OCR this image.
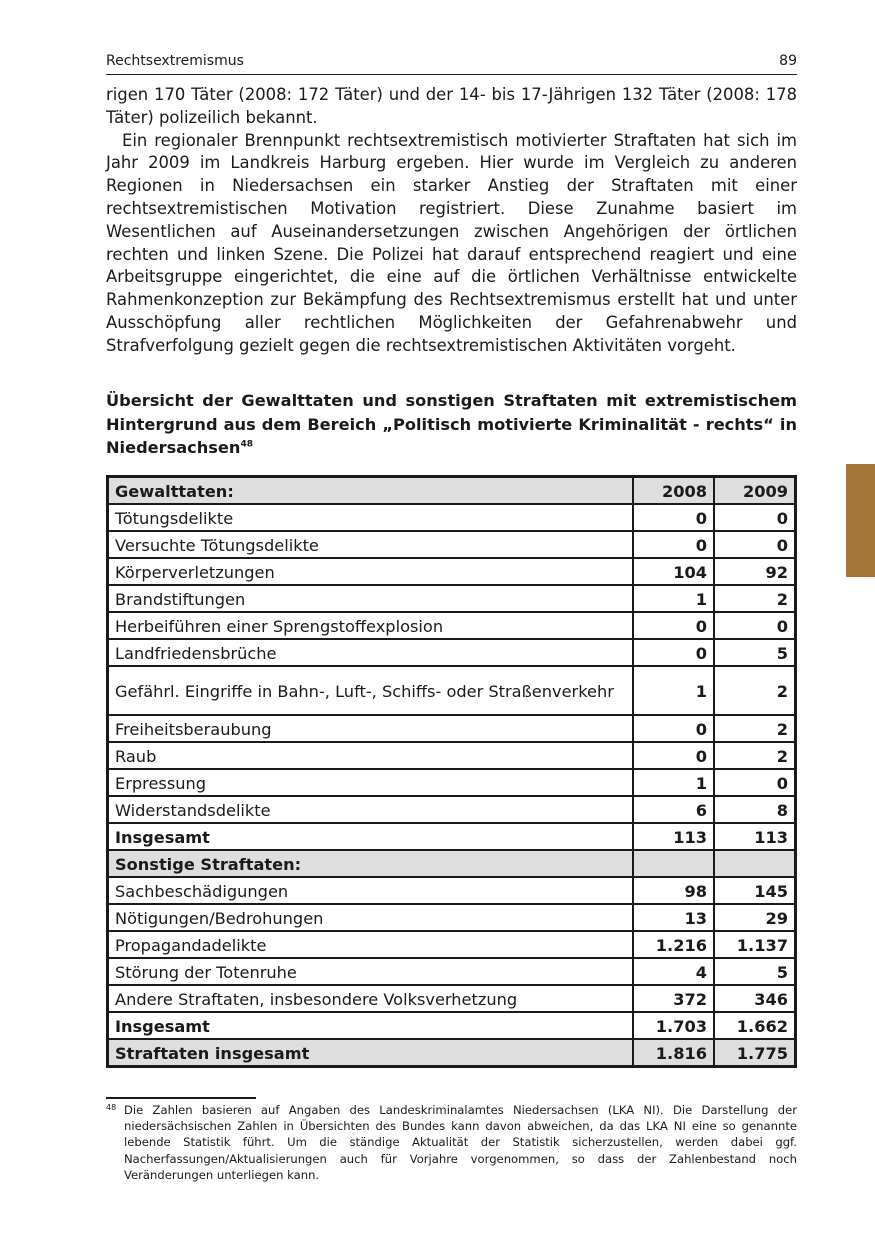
Rechtsextremismus	89

rigen 170 Täter (2008: 172 Täter) und der 14- bis 17-Jährigen 132 Täter (2008: 178 Täter) polizeilich bekannt.

Ein regionaler Brennpunkt rechtsextremistisch motivierter Straftaten hat sich im Jahr 2009 im Landkreis Harburg ergeben. Hier wurde im Vergleich zu anderen Regionen in Niedersachsen ein starker Anstieg der Straftaten mit einer rechtsextremistischen Motivation registriert. Diese Zunahme basiert im Wesentlichen auf Auseinandersetzungen zwischen Angehörigen der örtlichen rechten und linken Szene. Die Polizei hat darauf entsprechend reagiert und eine Arbeitsgruppe eingerichtet, die eine auf die örtlichen Verhältnisse entwickelte Rahmenkonzeption zur Bekämpfung des Rechtsextremismus erstellt hat und unter Ausschöpfung aller rechtlichen Möglichkeiten der Gefahrenabwehr und Strafverfolgung gezielt gegen die rechtsextremistischen Aktivitäten vorgeht.

Übersicht der Gewalttaten und sonstigen Straftaten mit extremistischem Hintergrund aus dem Bereich „Politisch motivierte Kriminalität - rechts“ in Niedersachsen$^{48}$
Gewalttaten:	2008	2009
Tötungsdelikte	0	0
Versuchte Tötungsdelikte	0	0
Körperverletzungen	104	92
Brandstiftungen	1	2
Herbeiführen einer Sprengstoffexplosion	0	0
Landfriedensbrüche	0	5
Gefährl. Eingriffe in Bahn-, Luft-, Schiffs- oder Straßenverkehr	1	2
Freiheitsberaubung	0	2
Raub	0	2
Erpressung	1	0
Widerstandsdelikte	6	8
Insgesamt	113	113
Sonstige Straftaten:		
Sachbeschädigungen	98	145
Nötigungen/Bedrohungen	13	29
Propagandadelikte	1.216	1.137
Störung der Totenruhe	4	5
Andere Straftaten, insbesondere Volksverhetzung	372	346
Insgesamt	1.703	1.662
Straftaten insgesamt	1.816	1.775
48 Die Zahlen basieren auf Angaben des Landeskriminalamtes Niedersachsen (LKA NI). Die Darstellung der niedersächsischen Zahlen in Übersichten des Bundes kann davon abweichen, da das LKA NI eine so genannte lebende Statistik führt. Um die ständige Aktualität der Statistik sicherzustellen, werden dabei ggf. Nacherfassungen/Aktualisierungen auch für Vorjahre vorgenommen, so dass der Zahlenbestand noch Veränderungen unterliegen kann.
